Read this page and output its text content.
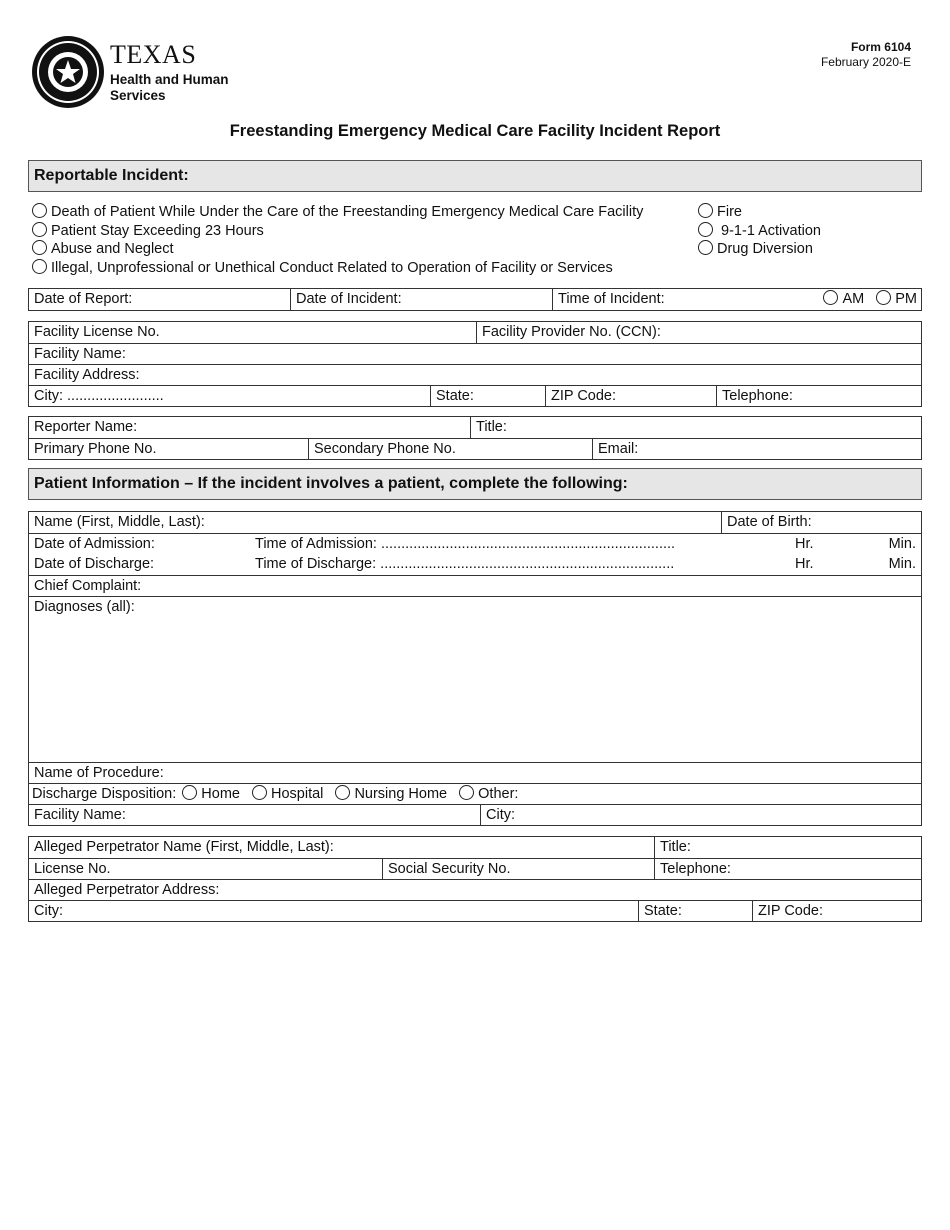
TEXAS
Health and Human
Services
Form 6104
February 2020-E
Freestanding Emergency Medical Care Facility Incident Report
Reportable Incident:
Death of Patient While Under the Care of the Freestanding Emergency Medical Care Facility
Patient Stay Exceeding 23 Hours
Abuse and Neglect
Illegal, Unprofessional or Unethical Conduct Related to Operation of Facility or Services
Fire
9-1-1 Activation
Drug Diversion
Date of Report:	Date of Incident:	Time of Incident:	AM PM
Facility License No.	Facility Provider No. (CCN):
Facility Name:
Facility Address:
City: ........................	State:	ZIP Code:	Telephone:
Reporter Name:	Title:
Primary Phone No.	Secondary Phone No.	Email:
Patient Information – If the incident involves a patient, complete the following:
Name (First, Middle, Last):	Date of Birth:
Date of Admission:	Time of Admission: .........................................................................	Hr.	Min.
Date of Discharge:	Time of Discharge: .........................................................................	Hr.	Min.
Chief Complaint:
Diagnoses (all):
Name of Procedure:
Discharge Disposition: Home Hospital Nursing Home Other:
Facility Name:	City:
Alleged Perpetrator Name (First, Middle, Last):	Title:
License No.	Social Security No.	Telephone:
Alleged Perpetrator Address:
City:	State:	ZIP Code:
